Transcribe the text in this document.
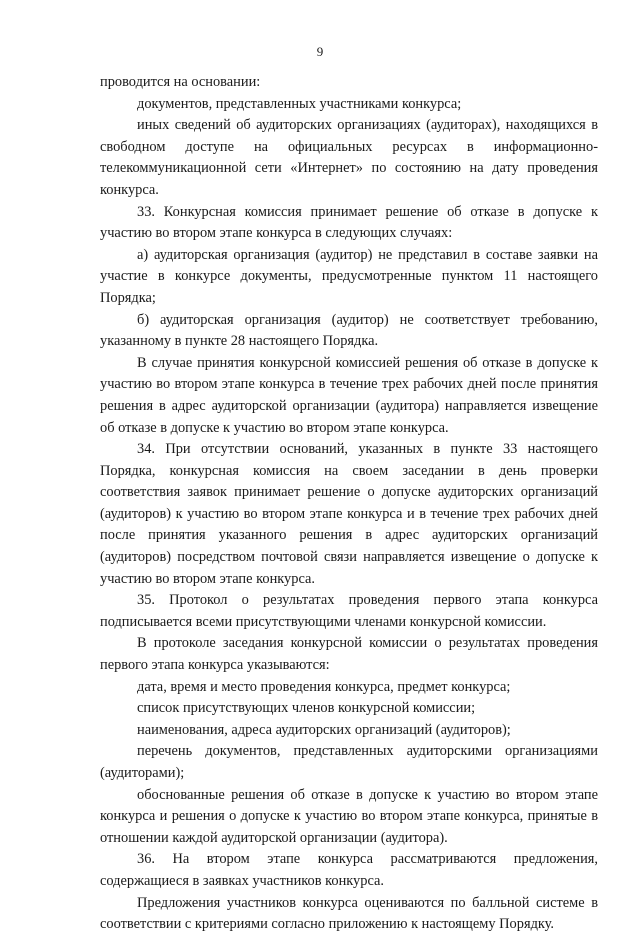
9

проводится на основании:

документов, представленных участниками конкурса;

иных сведений об аудиторских организациях (аудиторах), находящихся в свободном доступе на официальных ресурсах в информационно-телекоммуникационной сети «Интернет» по состоянию на дату проведения конкурса.

33. Конкурсная комиссия принимает решение об отказе в допуске к участию во втором этапе конкурса в следующих случаях:

а) аудиторская организация (аудитор) не представил в составе заявки на участие в конкурсе документы, предусмотренные пунктом 11 настоящего Порядка;

б) аудиторская организация (аудитор) не соответствует требованию, указанному в пункте 28 настоящего Порядка.

В случае принятия конкурсной комиссией решения об отказе в допуске к участию во втором этапе конкурса в течение трех рабочих дней после принятия решения в адрес аудиторской организации (аудитора) направляется извещение об отказе в допуске к участию во втором этапе конкурса.

34. При отсутствии оснований, указанных в пункте 33 настоящего Порядка, конкурсная комиссия на своем заседании в день проверки соответствия заявок принимает решение о допуске аудиторских организаций (аудиторов) к участию во втором этапе конкурса и в течение трех рабочих дней после принятия указанного решения в адрес аудиторских организаций (аудиторов) посредством почтовой связи направляется извещение о допуске к участию во втором этапе конкурса.

35. Протокол о результатах проведения первого этапа конкурса подписывается всеми присутствующими членами конкурсной комиссии.

В протоколе заседания конкурсной комиссии о результатах проведения первого этапа конкурса указываются:

дата, время и место проведения конкурса, предмет конкурса;

список присутствующих членов конкурсной комиссии;

наименования, адреса аудиторских организаций (аудиторов);

перечень документов, представленных аудиторскими организациями (аудиторами);

обоснованные решения об отказе в допуске к участию во втором этапе конкурса и решения о допуске к участию во втором этапе конкурса, принятые в отношении каждой аудиторской организации (аудитора).

36. На втором этапе конкурса рассматриваются предложения, содержащиеся в заявках участников конкурса.

Предложения участников конкурса оцениваются по балльной системе в соответствии с критериями согласно приложению к настоящему Порядку.
